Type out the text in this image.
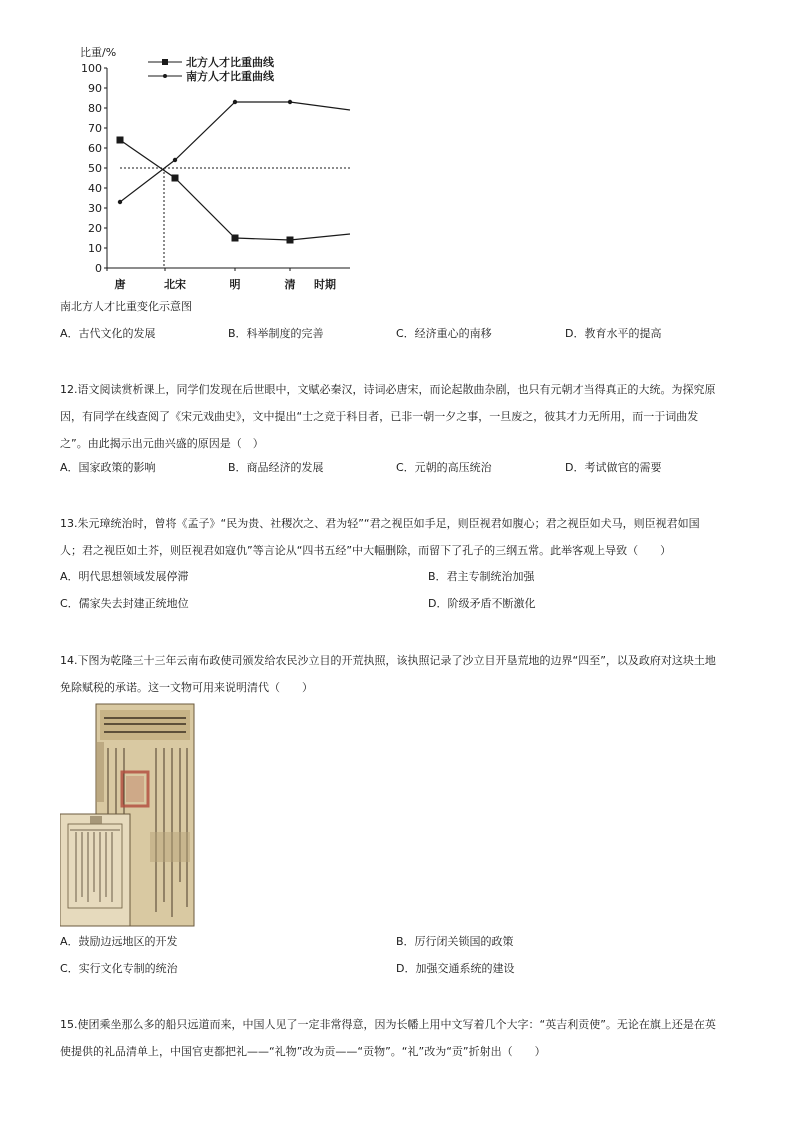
比重/%
北方人才比重曲线
南方人才比重曲线
100
90
80
70
60
50
40
30
20
10
0
唐	北宋	明	清 时期
南北方人才比重变化示意图
A．古代文化的发展	B．科举制度的完善	C．经济重心的南移	D．教育水平的提高
12.语文阅读赏析课上，同学们发现在后世眼中，文赋必秦汉，诗词必唐宋，而论起散曲杂剧，也只有元朝才当得真正的大统。为探究原
因，有同学在线查阅了《宋元戏曲史》，文中提出“士之竞于科目者，已非一朝一夕之事，一旦废之，彼其才力无所用，而一于词曲发
之”。由此揭示出元曲兴盛的原因是（　）
A．国家政策的影响	B．商品经济的发展	C．元朝的高压统治	D．考试做官的需要
13.朱元璋统治时，曾将《孟子》“民为贵、社稷次之、君为轻”“君之视臣如手足，则臣视君如腹心；君之视臣如犬马，则臣视君如国
人；君之视臣如土芥，则臣视君如寇仇”等言论从“四书五经”中大幅删除，而留下了孔子的三纲五常。此举客观上导致（　　）
A．明代思想领域发展停滞	B．君主专制统治加强
C．儒家失去封建正统地位	D．阶级矛盾不断激化
14.下图为乾隆三十三年云南布政使司颁发给农民沙立目的开荒执照，该执照记录了沙立目开垦荒地的边界“四至”，以及政府对这块土地
免除赋税的承诺。这一文物可用来说明清代（　　）
A．鼓励边远地区的开发	B．厉行闭关锁国的政策
C．实行文化专制的统治	D．加强交通系统的建设
15.使团乘坐那么多的船只远道而来，中国人见了一定非常得意，因为长幡上用中文写着几个大字：“英吉利贡使”。无论在旗上还是在英
使提供的礼品清单上，中国官吏都把礼——“礼物”改为贡——“贡物”。“礼”改为“贡”折射出（　　）
